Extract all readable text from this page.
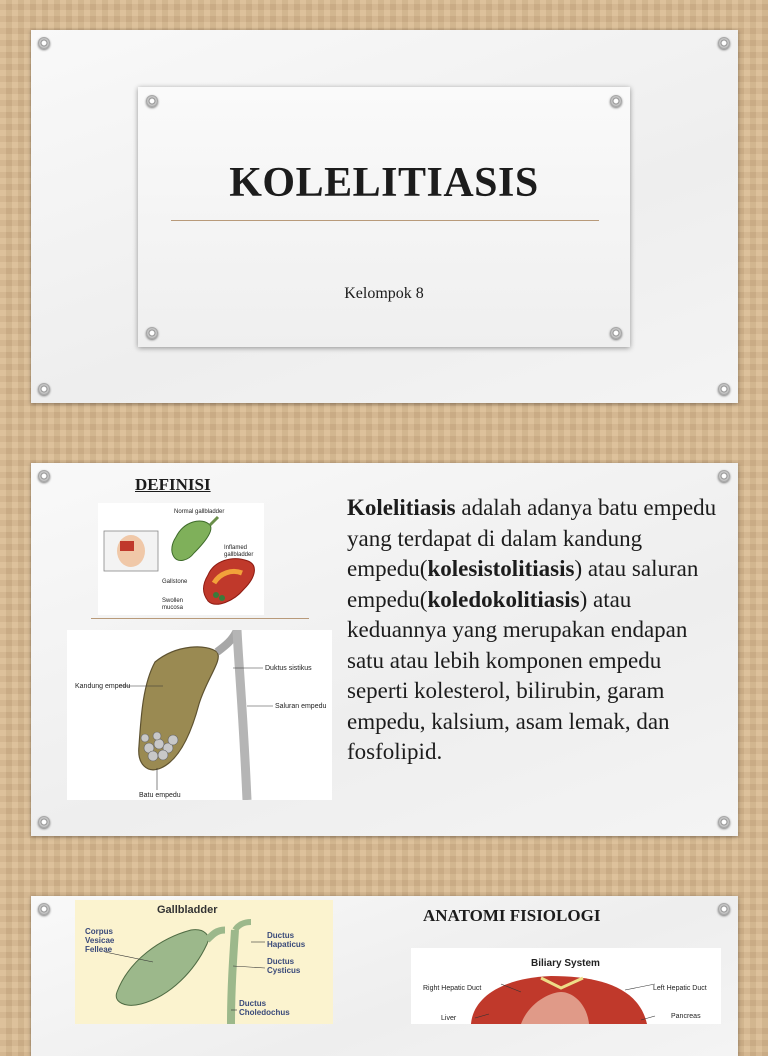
KOLELITIASIS
Kelompok 8
DEFINISI
Normal gallbladder
Inflamed
gallbladder
Gallstone
Swollen
mucosa
Kandung empedu
Duktus sistikus
Saluran empedu
Batu empedu
Kolelitiasis adalah adanya batu empedu yang terdapat di dalam kandung empedu(kolesistolitiasis) atau saluran empedu(koledokolitiasis) atau keduannya yang merupakan endapan satu atau lebih komponen empedu seperti kolesterol, bilirubin, garam empedu, kalsium, asam lemak, dan fosfolipid.
Gallbladder
Corpus
Vesicae
Felleae
Ductus
Hapaticus
Ductus
Cysticus
Ductus
Choledochus
ANATOMI FISIOLOGI
Biliary System
Right Hepatic Duct	Left Hepatic Duct
Liver	Pancreas
